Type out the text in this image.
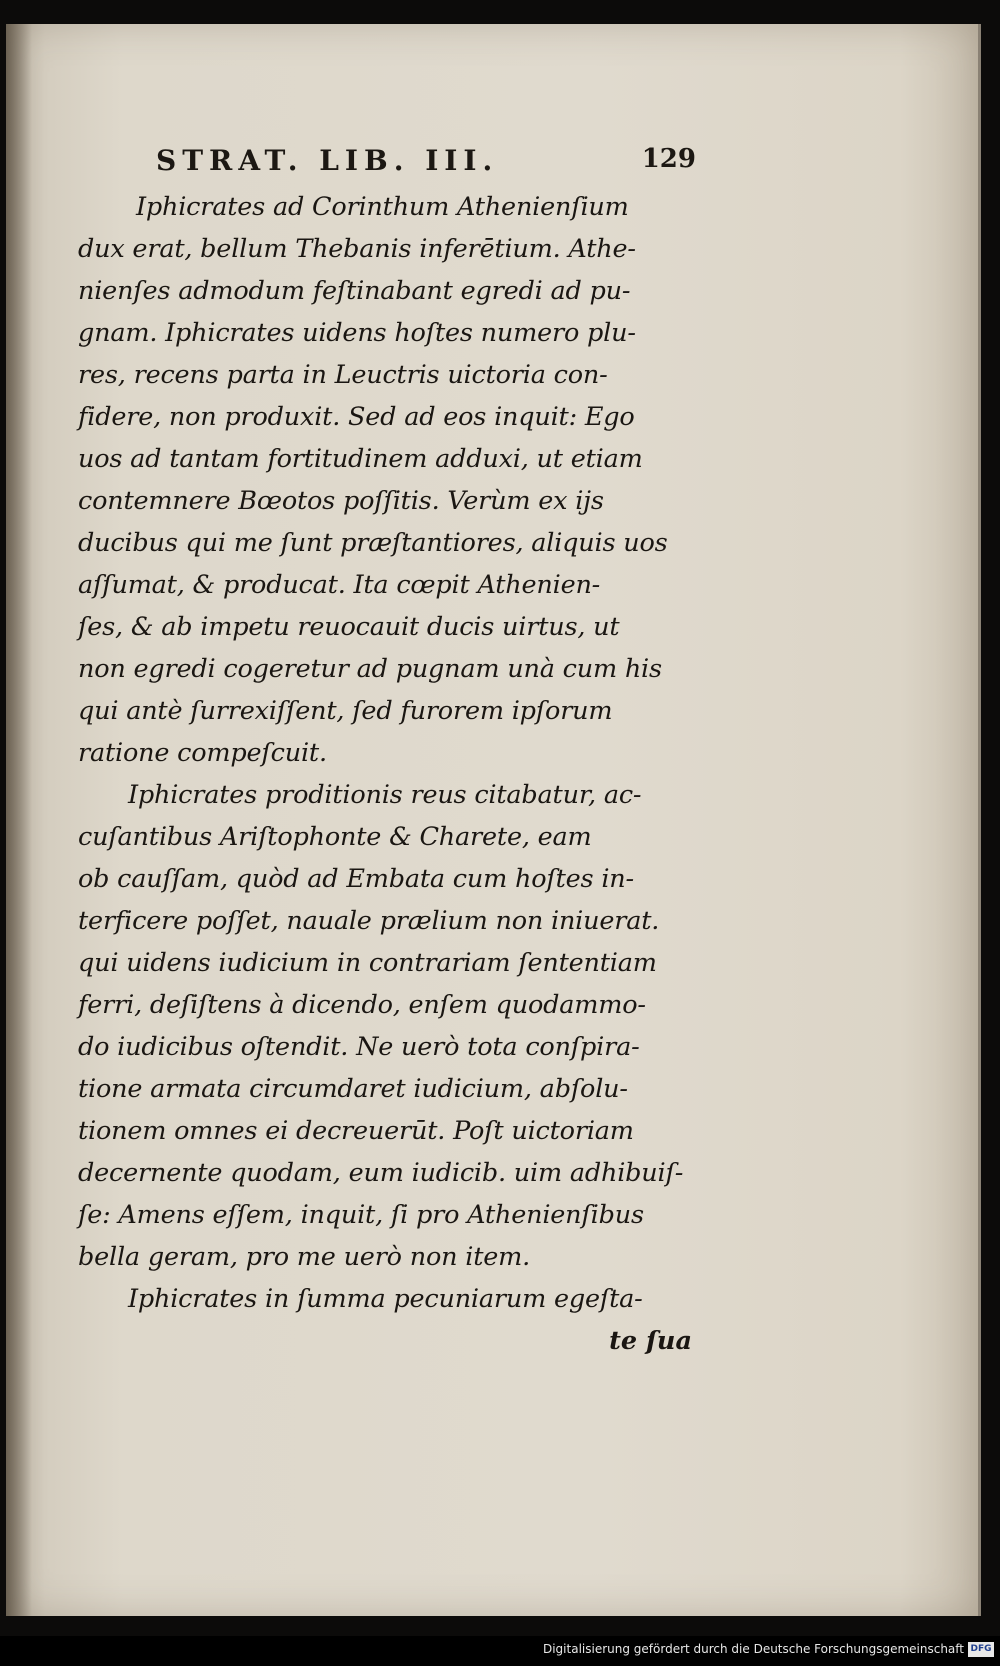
STRAT. LIB. III.	129
Iphicrates ad Corinthum Athenienſium
dux erat, bellum Thebanis inferētium. Athe-
nienſes admodum feſtinabant egredi ad pu-
gnam. Iphicrates uidens hoſtes numero plu-
res, recens parta in Leuctris uictoria con-
fidere, non produxit. Sed ad eos inquit: Ego
uos ad tantam fortitudinem adduxi, ut etiam
contemnere Bœotos poſſitis. Verùm ex ijs
ducibus qui me ſunt præſtantiores, aliquis uos
aſſumat, & producat. Ita cœpit Athenien-
ſes, & ab impetu reuocauit ducis uirtus, ut
non egredi cogeretur ad pugnam unà cum his
qui antè ſurrexiſſent, ſed furorem ipſorum
ratione compeſcuit.
Iphicrates proditionis reus citabatur, ac-
cuſantibus Ariſtophonte & Charete, eam
ob cauſſam, quòd ad Embata cum hoſtes in-
terficere poſſet, nauale prælium non iniuerat.
qui uidens iudicium in contrariam ſententiam
ferri, deſiſtens à dicendo, enſem quodammo-
do iudicibus oſtendit. Ne uerò tota conſpira-
tione armata circumdaret iudicium, abſolu-
tionem omnes ei decreuerūt. Poſt uictoriam
decernente quodam, eum iudicib. uim adhibuiſ-
ſe: Amens eſſem, inquit, ſi pro Athenienſibus
bella geram, pro me uerò non item.
Iphicrates in ſumma pecuniarum egeſta-
te ſua
Digitalisierung gefördert durch die Deutsche Forschungsgemeinschaft DFG
